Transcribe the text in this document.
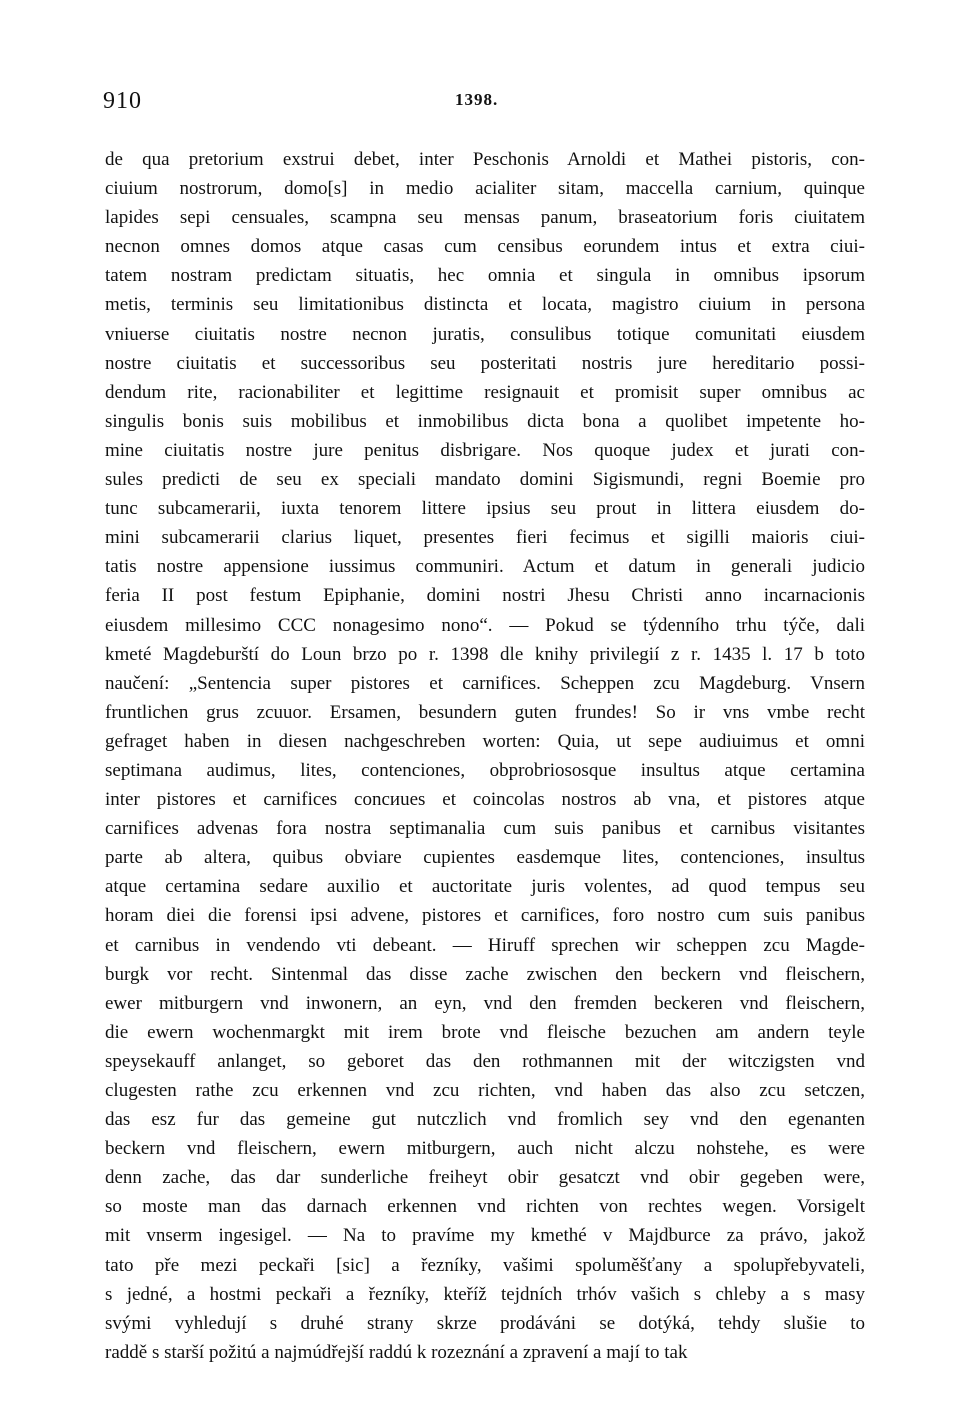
910	1398.
de qua pretorium exstrui debet, inter Peschonis Arnoldi et Mathei pistoris, con-
ciuium nostrorum, domo[s] in medio acialiter sitam, maccella carnium, quinque
lapides sepi censuales, scampna seu mensas panum, braseatorium foris ciuitatem
necnon omnes domos atque casas cum censibus eorundem intus et extra ciui-
tatem nostram predictam situatis, hec omnia et singula in omnibus ipsorum
metis, terminis seu limitationibus distincta et locata, magistro ciuium in persona
vniuerse ciuitatis nostre necnon juratis, consulibus totique comunitati eiusdem
nostre ciuitatis et successoribus seu posteritati nostris jure hereditario possi-
dendum rite, racionabiliter et legittime resignauit et promisit super omnibus ac
singulis bonis suis mobilibus et inmobilibus dicta bona a quolibet impetente ho-
mine ciuitatis nostre jure penitus disbrigare. Nos quoque judex et jurati con-
sules predicti de seu ex speciali mandato domini Sigismundi, regni Boemie pro
tunc subcamerarii, iuxta tenorem littere ipsius seu prout in littera eiusdem do-
mini subcamerarii clarius liquet, presentes fieri fecimus et sigilli maioris ciui-
tatis nostre appensione iussimus communiri. Actum et datum in generali judicio
feria II post festum Epiphanie, domini nostri Jhesu Christi anno incarnacionis
eiusdem millesimo CCC nonagesimo nono“. — Pokud se týdenního trhu týče, dali
kmeté Magdeburští do Loun brzo po r. 1398 dle knihy privilegií z r. 1435 l. 17 b toto
naučení: „Sentencia super pistores et carnifices. Scheppen zcu Magdeburg. Vnsern
fruntlichen grus zcuuor. Ersamen, besundern guten frundes! So ir vns vmbe recht
gefraget haben in diesen nachgeschreben worten: Quia, ut sepe audiuimus et omni
septimana audimus, lites, contenciones, obprobriososque insultus atque certamina
inter pistores et carnifices concиues et coincolas nostros ab vna, et pistores atque
carnifices advenas fora nostra septimanalia cum suis panibus et carnibus visitantes
parte ab altera, quibus obviare cupientes easdemque lites, contenciones, insultus
atque certamina sedare auxilio et auctoritate juris volentes, ad quod tempus seu
horam diei die forensi ipsi advene, pistores et carnifices, foro nostro cum suis panibus
et carnibus in vendendo vti debeant. — Hiruff sprechen wir scheppen zcu Magde-
burgk vor recht. Sintenmal das disse zache zwischen den beckern vnd fleischern,
ewer mitburgern vnd inwonern, an eyn, vnd den fremden beckeren vnd fleischern,
die ewern wochenmargkt mit irem brote vnd fleische bezuchen am andern teyle
speysekauff anlanget, so geboret das den rothmannen mit der witczigsten vnd
clugesten rathe zcu erkennen vnd zcu richten, vnd haben das also zcu setczen,
das esz fur das gemeine gut nutczlich vnd fromlich sey vnd den egenanten
beckern vnd fleischern, ewern mitburgern, auch nicht alczu nohstehe, es were
denn zache, das dar sunderliche freiheyt obir gesatczt vnd obir gegeben were,
so moste man das darnach erkennen vnd richten von rechtes wegen. Vorsigelt
mit vnserm ingesigel. — Na to pravíme my kmethé v Majdburce za právo, jakož
tato pře mezi peckaři [sic] a řezníky, vašimi spoluměšťany a spolupřebyvateli,
s jedné, a hostmi peckaři a řezníky, kteříž tejdních trhóv vašich s chleby a s masy
svými vyhledují s druhé strany skrze prodáváni se dotýká, tehdy slušie to
raddě s starší požitú a najmúdřejší raddú k rozeznání a zpravení a mají to tak
